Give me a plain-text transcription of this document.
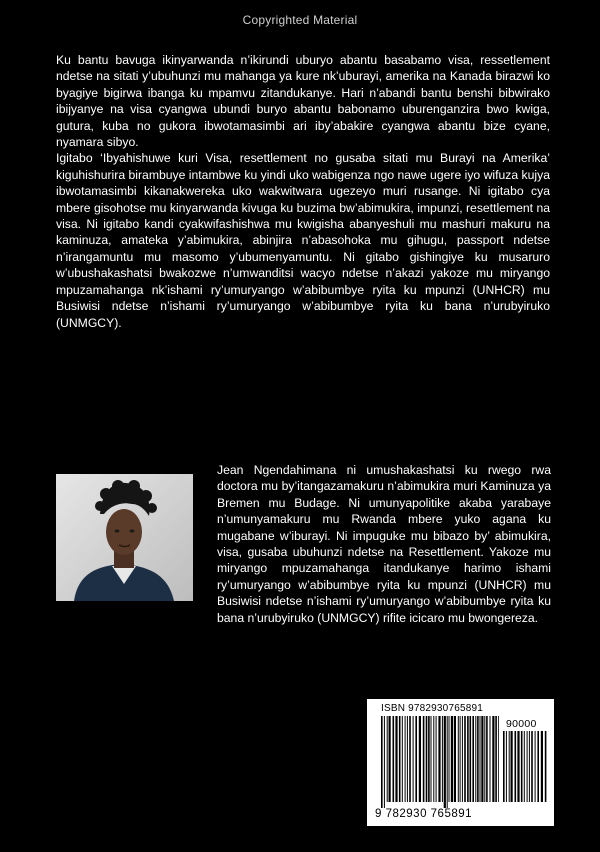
Copyrighted Material

Ku bantu bavuga ikinyarwanda n’ikirundi uburyo abantu basabamo visa, ressetlement ndetse na sitati y’ubuhunzi mu mahanga ya kure nk’uburayi, amerika na Kanada birazwi ko byagiye bigirwa ibanga ku mpamvu zitandukanye. Hari n’abandi bantu benshi bibwirako ibijyanye na visa cyangwa ubundi buryo abantu babonamo uburenganzira bwo kwiga, gutura, kuba no gukora ibwotamasimbi ari iby’abakire cyangwa abantu bize cyane, nyamara sibyo.

Igitabo ‘Ibyahishuwe kuri Visa, resettlement no gusaba sitati mu Burayi na Amerika’ kiguhishurira birambuye intambwe ku yindi uko wabigenza ngo nawe ugere iyo wifuza kujya ibwotamasimbi kikanakwereka uko wakwitwara ugezeyo muri rusange. Ni igitabo cya mbere gisohotse mu kinyarwanda kivuga ku buzima bw’abimukira, impunzi, resettlement na visa. Ni igitabo kandi cyakwifashishwa mu kwigisha abanyeshuli mu mashuri makuru na kaminuza, amateka y’abimukira, abinjira n’abasohoka mu gihugu, passport ndetse n’irangamuntu mu masomo y’ubumenyamuntu. Ni gitabo gishingiye ku musaruro w’ubushakashatsi bwakozwe n’umwanditsi wacyo ndetse n’akazi yakoze mu miryango mpuzamahanga nk’ishami ry’umuryango w’abibumbye ryita ku mpunzi (UNHCR) mu Busiwisi ndetse n’ishami ry’umuryango w’abibumbye ryita ku bana n’urubyiruko (UNMGCY).

Jean Ngendahimana ni umushakashatsi ku rwego rwa doctora mu by’itangazamakuru n’abimukira muri Kaminuza ya Bremen mu Budage. Ni umunyapolitike akaba yarabaye n’umunyamakuru mu Rwanda mbere yuko agana ku mugabane w’iburayi. Ni impuguke mu bibazo by’ abimukira, visa, gusaba ubuhunzi ndetse na Resettlement. Yakoze mu miryango mpuzamahanga itandukanye harimo ishami ry’umuryango w’abibumbye ryita ku mpunzi (UNHCR) mu Busiwisi ndetse n’ishami ry’umuryango w’abibumbye ryita ku bana n’urubyiruko (UNMGCY) rifite icicaro mu bwongereza.
ISBN 9782930765891
90000
9 782930 765891
